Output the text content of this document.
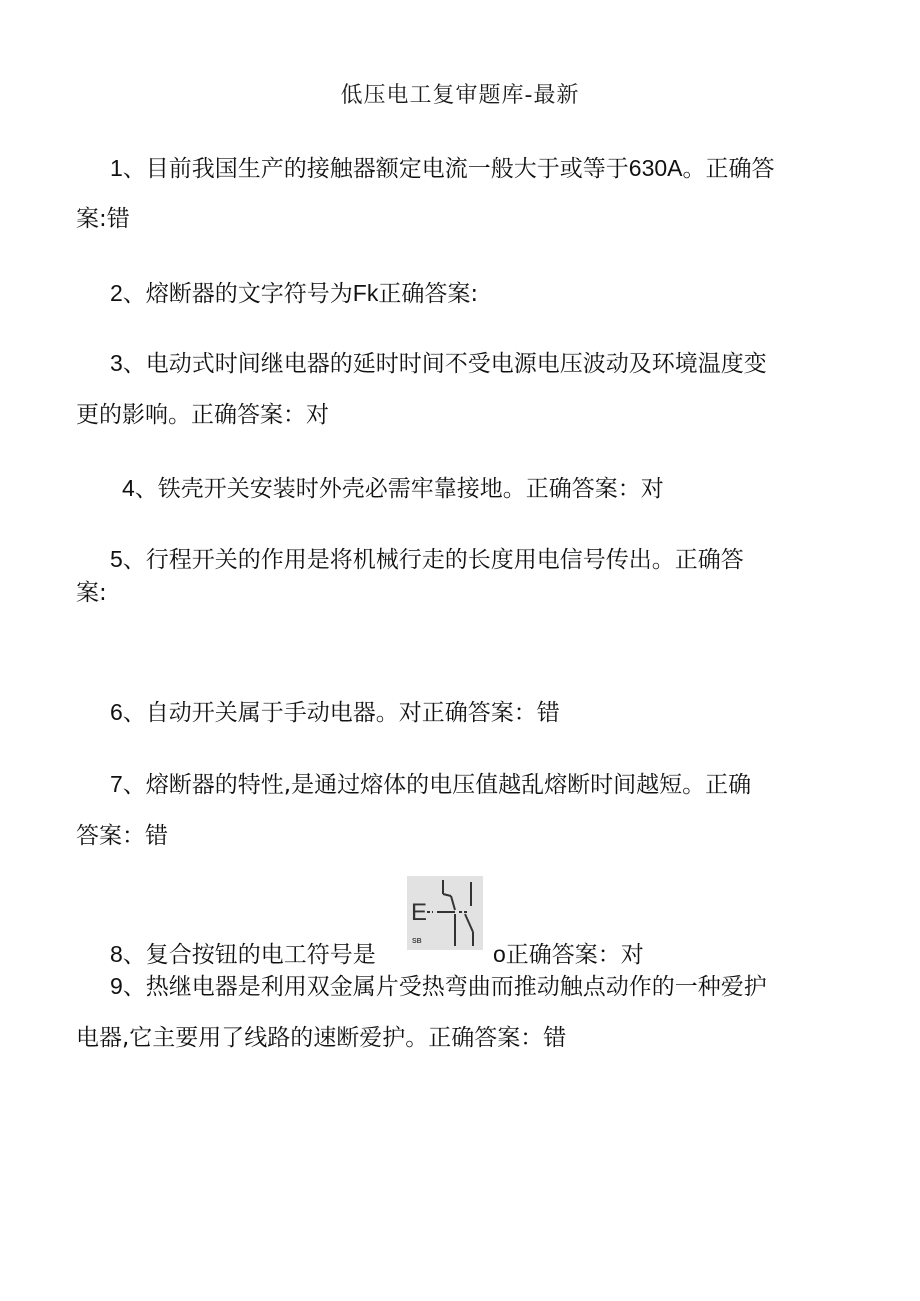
低压电工复审题库-最新
1、目前我国生产的接触器额定电流一般大于或等于630A。正确答
案:错
2、熔断器的文字符号为Fk正确答案:
3、电动式时间继电器的延时时间不受电源电压波动及环境温度变
更的影响。正确答案：对
4、铁壳开关安装时外壳必需牢靠接地。正确答案：对
5、行程开关的作用是将机械行走的长度用电信号传出。正确答
案:
6、自动开关属于手动电器。对正确答案：错
7、熔断器的特性,是通过熔体的电压值越乱熔断时间越短。正确
答案：错
8、复合按钮的电工符号是
E
SB	o正确答案：对
9、热继电器是利用双金属片受热弯曲而推动触点动作的一种爱护
电器,它主要用了线路的速断爱护。正确答案：错
